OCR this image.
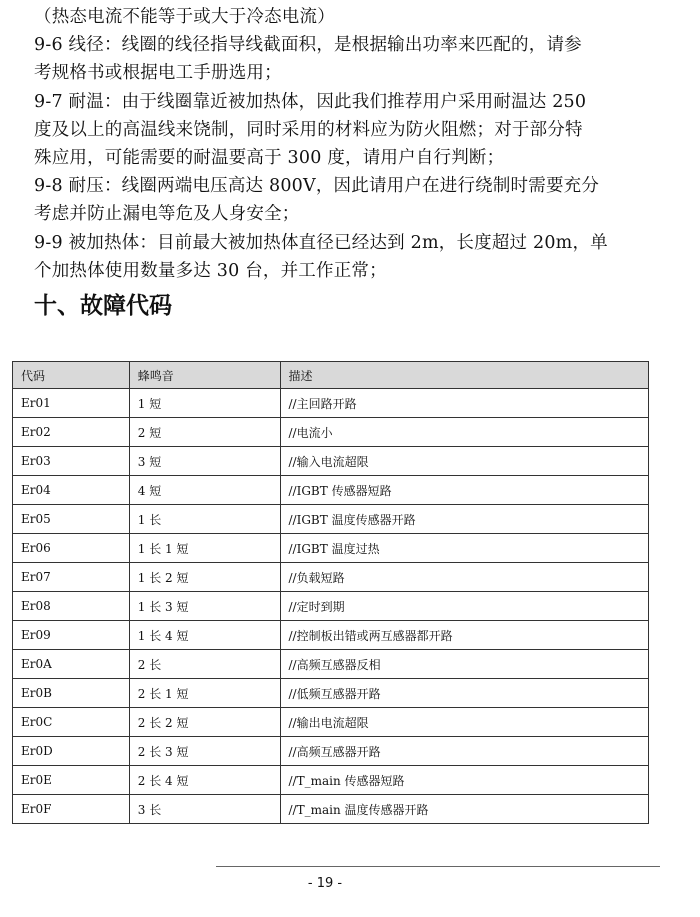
（热态电流不能等于或大于冷态电流）

9-6 线径：线圈的线径指导线截面积，是根据输出功率来匹配的，请参

考规格书或根据电工手册选用；

9-7 耐温：由于线圈靠近被加热体，因此我们推荐用户采用耐温达 250

度及以上的高温线来饶制，同时采用的材料应为防火阻燃；对于部分特

殊应用，可能需要的耐温要高于 300 度，请用户自行判断；

9-8 耐压：线圈两端电压高达 800V，因此请用户在进行绕制时需要充分

考虑并防止漏电等危及人身安全；

9-9 被加热体：目前最大被加热体直径已经达到 2m，长度超过 20m，单

个加热体使用数量多达 30 台，并工作正常；

十、故障代码
代码	蜂鸣音	描述
Er01	1 短	//主回路开路
Er02	2 短	//电流小
Er03	3 短	//输入电流超限
Er04	4 短	//IGBT 传感器短路
Er05	1 长	//IGBT 温度传感器开路
Er06	1 长 1 短	//IGBT 温度过热
Er07	1 长 2 短	//负载短路
Er08	1 长 3 短	//定时到期
Er09	1 长 4 短	//控制板出错或两互感器都开路
Er0A	2 长	//高频互感器反相
Er0B	2 长 1 短	//低频互感器开路
Er0C	2 长 2 短	//输出电流超限
Er0D	2 长 3 短	//高频互感器开路
Er0E	2 长 4 短	//T_main 传感器短路
Er0F	3 长	//T_main 温度传感器开路
- 19 -
